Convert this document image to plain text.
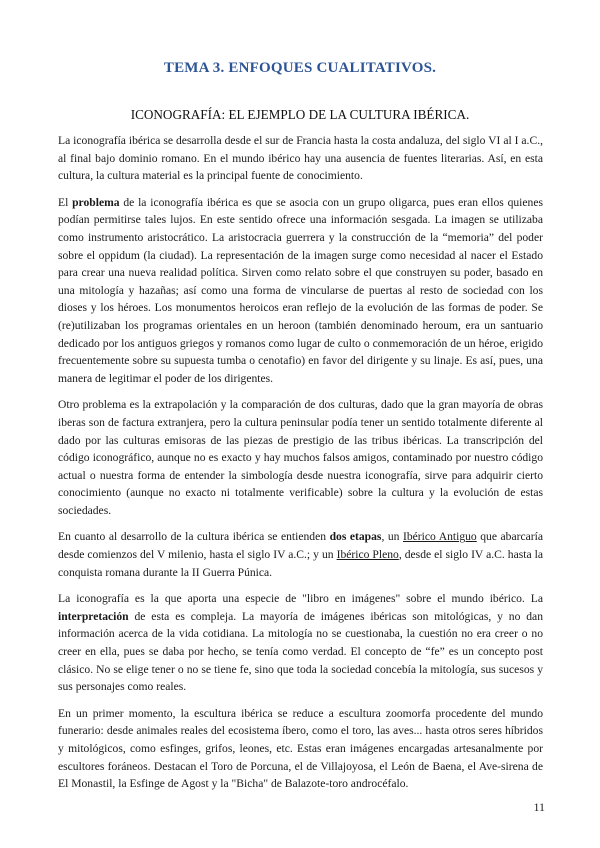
TEMA 3. ENFOQUES CUALITATIVOS.
ICONOGRAFÍA: EL EJEMPLO DE LA CULTURA IBÉRICA.

La iconografía ibérica se desarrolla desde el sur de Francia hasta la costa andaluza, del siglo VI al I a.C., al final bajo dominio romano. En el mundo ibérico hay una ausencia de fuentes literarias. Así, en esta cultura, la cultura material es la principal fuente de conocimiento.

El problema de la iconografía ibérica es que se asocia con un grupo oligarca, pues eran ellos quienes podían permitirse tales lujos. En este sentido ofrece una información sesgada. La imagen se utilizaba como instrumento aristocrático. La aristocracia guerrera y la construcción de la “memoria” del poder sobre el oppidum (la ciudad). La representación de la imagen surge como necesidad al nacer el Estado para crear una nueva realidad política. Sirven como relato sobre el que construyen su poder, basado en una mitología y hazañas; así como una forma de vincularse de puertas al resto de sociedad con los dioses y los héroes. Los monumentos heroicos eran reflejo de la evolución de las formas de poder. Se (re)utilizaban los programas orientales en un heroon (también denominado heroum, era un santuario dedicado por los antiguos griegos y romanos como lugar de culto o conmemoración de un héroe, erigido frecuentemente sobre su supuesta tumba o cenotafio) en favor del dirigente y su linaje. Es así, pues, una manera de legitimar el poder de los dirigentes.

Otro problema es la extrapolación y la comparación de dos culturas, dado que la gran mayoría de obras iberas son de factura extranjera, pero la cultura peninsular podía tener un sentido totalmente diferente al dado por las culturas emisoras de las piezas de prestigio de las tribus ibéricas. La transcripción del código iconográfico, aunque no es exacto y hay muchos falsos amigos, contaminado por nuestro código actual o nuestra forma de entender la simbología desde nuestra iconografía, sirve para adquirir cierto conocimiento (aunque no exacto ni totalmente verificable) sobre la cultura y la evolución de estas sociedades.

En cuanto al desarrollo de la cultura ibérica se entienden dos etapas, un Ibérico Antiguo que abarcaría desde comienzos del V milenio, hasta el siglo IV a.C.; y un Ibérico Pleno, desde el siglo IV a.C. hasta la conquista romana durante la II Guerra Púnica.

La iconografía es la que aporta una especie de "libro en imágenes" sobre el mundo ibérico. La interpretación de esta es compleja. La mayoría de imágenes ibéricas son mitológicas, y no dan información acerca de la vida cotidiana. La mitología no se cuestionaba, la cuestión no era creer o no creer en ella, pues se daba por hecho, se tenía como verdad. El concepto de “fe” es un concepto post clásico. No se elige tener o no se tiene fe, sino que toda la sociedad concebía la mitología, sus sucesos y sus personajes como reales.

En un primer momento, la escultura ibérica se reduce a escultura zoomorfa procedente del mundo funerario: desde animales reales del ecosistema íbero, como el toro, las aves... hasta otros seres híbridos y mitológicos, como esfinges, grifos, leones, etc. Estas eran imágenes encargadas artesanalmente por escultores foráneos. Destacan el Toro de Porcuna, el de Villajoyosa, el León de Baena, el Ave-sirena de El Monastil, la Esfinge de Agost y la "Bicha" de Balazote-toro androcéfalo.

11
